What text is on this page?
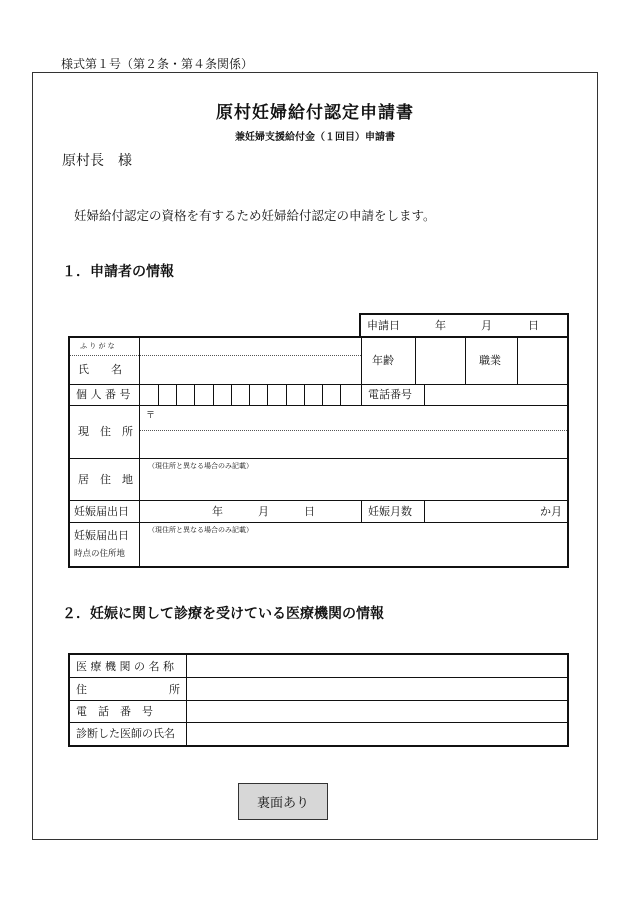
様式第１号（第２条・第４条関係）
原村妊婦給付認定申請書
兼妊婦支援給付金（１回目）申請書
原村長　様
妊婦給付認定の資格を有するため妊婦給付認定の申請をします。
１．申請者の情報
申請日	年	月	日
ふ り が な
氏　　名
年齢	職業
個 人 番 号	電話番号
〒
現　住　所
（現住所と異なる場合のみ記載）
居　住　地
妊娠届出日	年	月	日	妊娠月数	か月
妊娠届出日
時点の住所地
（現住所と異なる場合のみ記載）
２．妊娠に関して診療を受けている医療機関の情報
医 療 機 関 の 名 称
住	所
電　話　番　号
診断した医師の氏名
裏面あり
